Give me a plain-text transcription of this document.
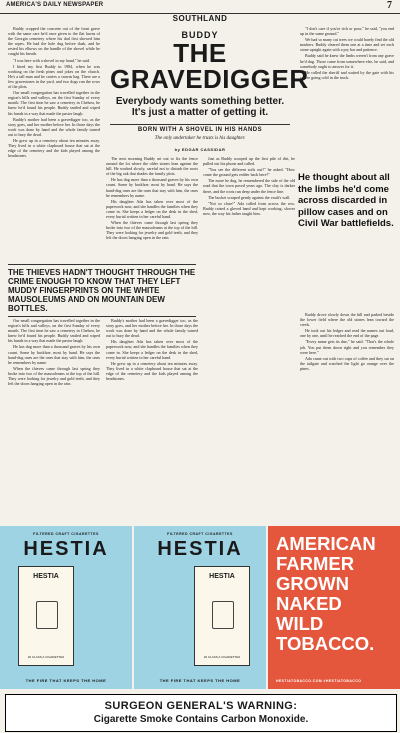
AMERICA'S DAILY NEWSPAPER	7
SOUTHLAND

Buddy cropped the concrete out of the front grave with the same care he'd once given to the flat lawns of the Georgia cemetery where his dad first showed him the ropes. He had the hole dug before dusk, and he rested his elbows on the handle of the shovel while he caught his breath.

"I was here with a shovel in my hand," he said.

I hired my first Buddy in 1984, when he was working on the fresh pines and jokes on the church. He's a tall man and he carries a canvas bag. There are a few gravestones in the yard, and two dogs run the rows of the plots.

Our small congregation has travelled together in the region's hills and valleys, on the first Sunday of every month. The first time he saw a cemetery in Chelsea, he knew he'd found his people. Buddy smiled and wiped his hands in a way that made the pastor laugh.

Buddy's mother had been a gravedigger too, as the story goes, and her mother before her. In those days the work was done by hand and the whole family turned out to bury the dead.

He grew up in a cemetery about ten minutes away. They lived in a white clapboard house that sat at the edge of the cemetery and the kids played among the headstones.

BUDDY
THE GRAVEDIGGER
Everybody wants something better. It's just a matter of getting it.
BORN WITH A SHOVEL IN HIS HANDS
The only undertaker he trusts is his daughter.
by EDGAR CASSIDAR

The next morning Buddy set out to fix the fence around the lot where the older stones lean against the hill. He worked slowly, careful not to disturb the roots of the big oak that shades the family plots.

He has dug more than a thousand graves by his own count. Some by backhoe, most by hand. He says the hand-dug ones are the ones that stay with him, the ones he remembers by name.

His daughter Ada has taken over most of the paperwork now, and she handles the families when they come in. She keeps a ledger on the desk in the shed, every burial written in her careful hand.

When the thieves came through last spring they broke into two of the mausoleums at the top of the hill. They were looking for jewelry and gold teeth, and they left the doors hanging open in the rain.

Just as Buddy scooped up the first pile of dirt, he pulled out his phone and called.

"You see the different soils out?" he asked. "How come the ground gets redder back here?"

The more he dug, he remembered the side of the old road that the town paved years ago. The clay is darker there, and the roots run deep under the fence line.

The bucket scraped gently against the vault's wall.

"Not so close!" Ada called from across the row. Buddy raised a gloved hand and kept working, slower now, the way his father taught him.

"I don't care if you're rich or poor," he said, "you end up in the same ground."

We had so many cut trees we could barely find the old markers. Buddy cleared them one at a time and set each stone upright again with a pry bar and patience.

Buddy said he knew the limbs weren't from any grave he'd dug. Those came from somewhere else, he said, and somebody ought to answer for it.

He called the sheriff and waited by the gate with his coffee going cold in the truck.

He thought about all the limbs he'd come across discarded in pillow cases and on Civil War battlefields.

Buddy drove slowly down the hill and parked beside the lower field where the old stones lean toward the creek.

He took out his ledger and read the names out loud, one by one, until he reached the end of the page.

"Every name gets its due," he said. "That's the whole job. You put them down right and you remember they were here."

Ada came out with two cups of coffee and they sat on the tailgate and watched the light go orange over the pines.

THE THIEVES HADN'T THOUGHT THROUGH THE CRIME ENOUGH TO KNOW THAT THEY LEFT MUDDY FINGERPRINTS ON THE WHITE MAUSOLEUMS AND ON MOUNTAIN DEW BOTTLES.

Our small congregation has travelled together in the region's hills and valleys, on the first Sunday of every month. The first time he saw a cemetery in Chelsea, he knew he'd found his people. Buddy smiled and wiped his hands in a way that made the pastor laugh.

He has dug more than a thousand graves by his own count. Some by backhoe, most by hand. He says the hand-dug ones are the ones that stay with him, the ones he remembers by name.

When the thieves came through last spring they broke into two of the mausoleums at the top of the hill. They were looking for jewelry and gold teeth, and they left the doors hanging open in the rain.

Buddy's mother had been a gravedigger too, as the story goes, and her mother before her. In those days the work was done by hand and the whole family turned out to bury the dead.

His daughter Ada has taken over most of the paperwork now, and she handles the families when they come in. She keeps a ledger on the desk in the shed, every burial written in her careful hand.

He grew up in a cemetery about ten minutes away. They lived in a white clapboard house that sat at the edge of the cemetery and the kids played among the headstones.

FILTERED CRAFT CIGARETTES
HESTIA
HESTIA
20 CLASS A CIGARETTES
THE FIRE THAT KEEPS THE HOME
FILTERED CRAFT CIGARETTES
HESTIA
HESTIA
20 CLASS A CIGARETTES
THE FIRE THAT KEEPS THE HOME
AMERICAN FARMER GROWN NAKED WILD TOBACCO.
HESTIATOBACCO.COM #HESTIATOBACCO
SURGEON GENERAL'S WARNING:
Cigarette Smoke Contains Carbon Monoxide.
